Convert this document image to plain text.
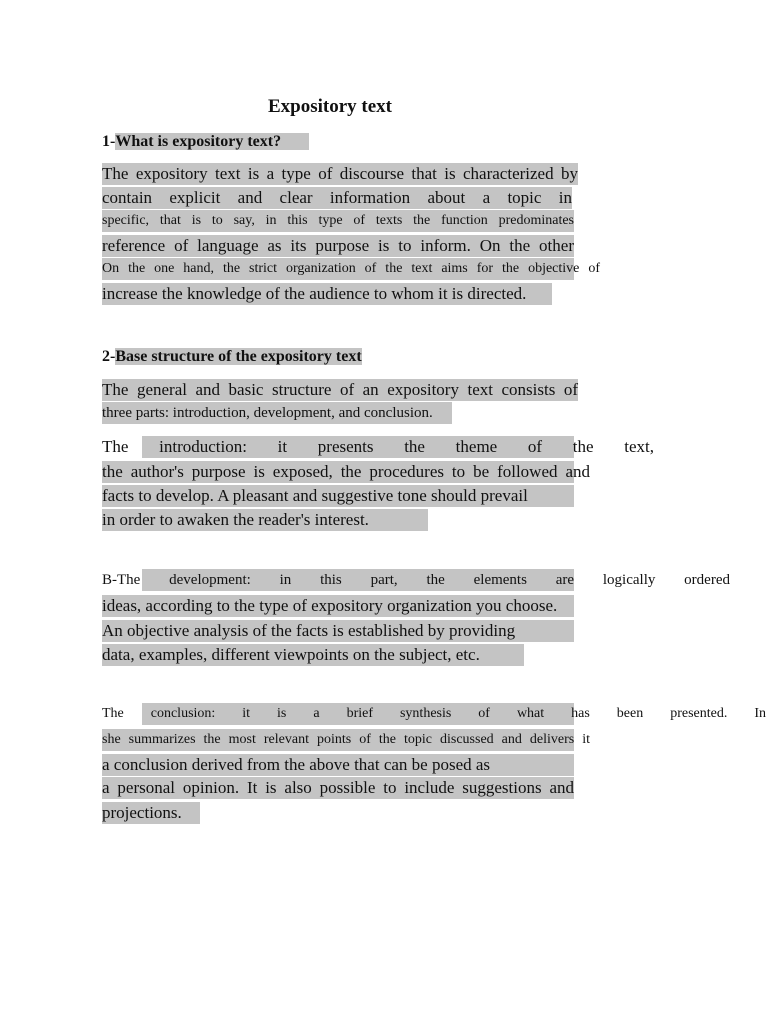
Expository text
1-What is expository text?
The expository text is a type of discourse that is characterized by
contain explicit and clear information about a topic in
specific, that is to say, in this type of texts the function predominates
reference of language as its purpose is to inform. On the other
On the one hand, the strict organization of the text aims for the objective of
increase the knowledge of the audience to whom it is directed.
2-Base structure of the expository text
The general and basic structure of an expository text consists of
three parts: introduction, development, and conclusion.
The introduction: it presents the theme of the text,
the author's purpose is exposed, the procedures to be followed and
facts to develop. A pleasant and suggestive tone should prevail
in order to awaken the reader's interest.
B-The development: in this part, the elements are logically ordered
ideas, according to the type of expository organization you choose.
An objective analysis of the facts is established by providing
data, examples, different viewpoints on the subject, etc.
The conclusion: it is a brief synthesis of what has been presented. In
she summarizes the most relevant points of the topic discussed and delivers it
a conclusion derived from the above that can be posed as
a personal opinion. It is also possible to include suggestions and
projections.
